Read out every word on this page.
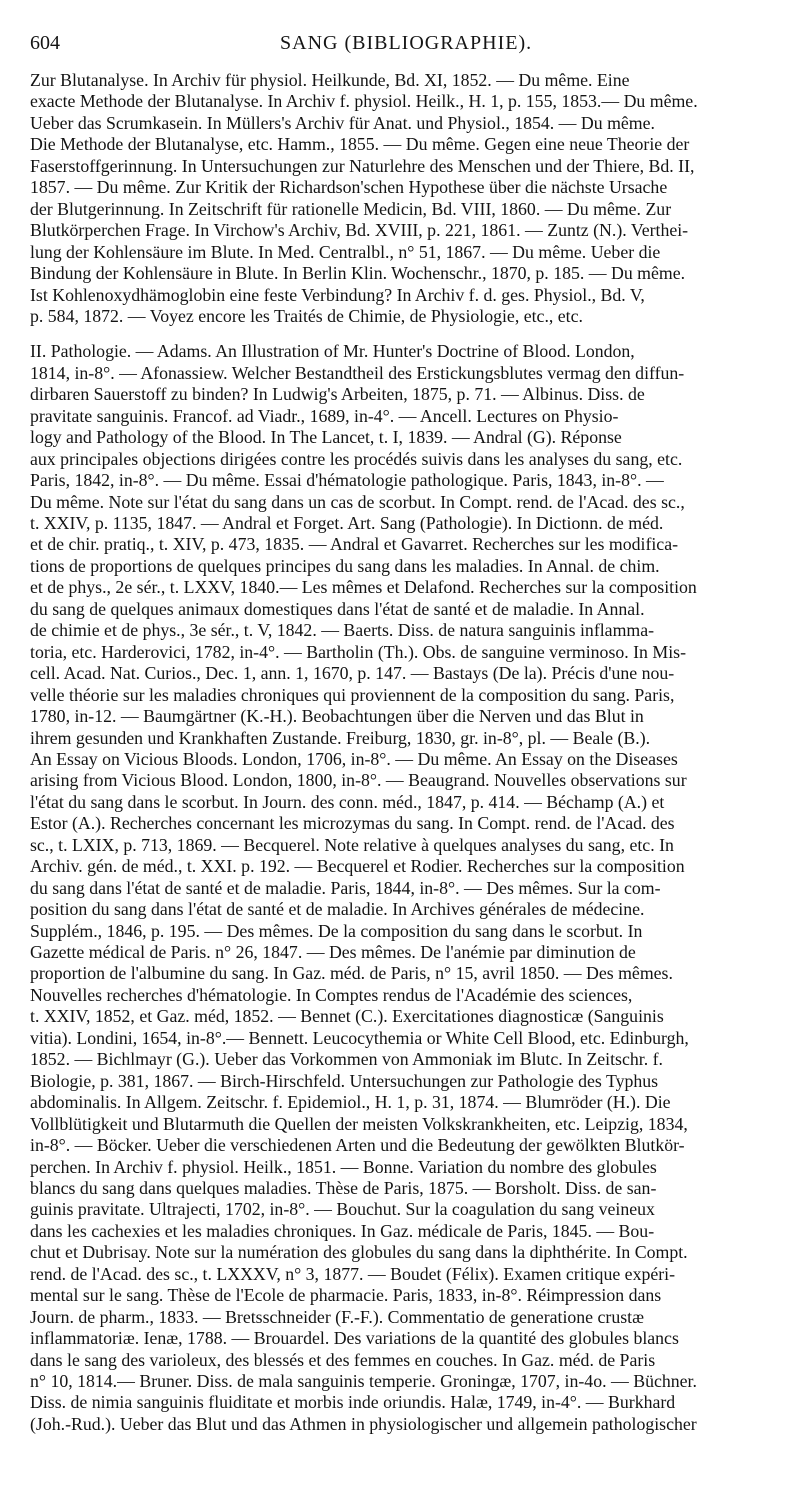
604	SANG (BIBLIOGRAPHIE).
Zur Blutanalyse. In Archiv für physiol. Heilkunde, Bd. XI, 1852. — Du même. Eine
exacte Methode der Blutanalyse. In Archiv f. physiol. Heilk., H. 1, p. 155, 1853.— Du même.
Ueber das Scrumkasein. In Müllers's Archiv für Anat. und Physiol., 1854. — Du même.
Die Methode der Blutanalyse, etc. Hamm., 1855. — Du même. Gegen eine neue Theorie der
Faserstoffgerinnung. In Untersuchungen zur Naturlehre des Menschen und der Thiere, Bd. II,
1857. — Du même. Zur Kritik der Richardson'schen Hypothese über die nächste Ursache
der Blutgerinnung. In Zeitschrift für rationelle Medicin, Bd. VIII, 1860. — Du même. Zur
Blutkörperchen Frage. In Virchow's Archiv, Bd. XVIII, p. 221, 1861. — Zuntz (N.). Verthei-
lung der Kohlensäure im Blute. In Med. Centralbl., n° 51, 1867. — Du même. Ueber die
Bindung der Kohlensäure in Blute. In Berlin Klin. Wochenschr., 1870, p. 185. — Du même.
Ist Kohlenoxydhämoglobin eine feste Verbindung? In Archiv f. d. ges. Physiol., Bd. V,
p. 584, 1872. — Voyez encore les Traités de Chimie, de Physiologie, etc., etc.
II. Pathologie. — Adams. An Illustration of Mr. Hunter's Doctrine of Blood. London,
1814, in-8°. — Afonassiew. Welcher Bestandtheil des Erstickungsblutes vermag den diffun-
dirbaren Sauerstoff zu binden? In Ludwig's Arbeiten, 1875, p. 71. — Albinus. Diss. de
pravitate sanguinis. Francof. ad Viadr., 1689, in-4°. — Ancell. Lectures on Physio-
logy and Pathology of the Blood. In The Lancet, t. I, 1839. — Andral (G). Réponse
aux principales objections dirigées contre les procédés suivis dans les analyses du sang, etc.
Paris, 1842, in-8°. — Du même. Essai d'hématologie pathologique. Paris, 1843, in-8°. —
Du même. Note sur l'état du sang dans un cas de scorbut. In Compt. rend. de l'Acad. des sc.,
t. XXIV, p. 1135, 1847. — Andral et Forget. Art. Sang (Pathologie). In Dictionn. de méd.
et de chir. pratiq., t. XIV, p. 473, 1835. — Andral et Gavarret. Recherches sur les modifica-
tions de proportions de quelques principes du sang dans les maladies. In Annal. de chim.
et de phys., 2e sér., t. LXXV, 1840.— Les mêmes et Delafond. Recherches sur la composition
du sang de quelques animaux domestiques dans l'état de santé et de maladie. In Annal.
de chimie et de phys., 3e sér., t. V, 1842. — Baerts. Diss. de natura sanguinis inflamma-
toria, etc. Harderovici, 1782, in-4°. — Bartholin (Th.). Obs. de sanguine verminoso. In Mis-
cell. Acad. Nat. Curios., Dec. 1, ann. 1, 1670, p. 147. — Bastays (De la). Précis d'une nou-
velle théorie sur les maladies chroniques qui proviennent de la composition du sang. Paris,
1780, in-12. — Baumgärtner (K.-H.). Beobachtungen über die Nerven und das Blut in
ihrem gesunden und Krankhaften Zustande. Freiburg, 1830, gr. in-8°, pl. — Beale (B.).
An Essay on Vicious Bloods. London, 1706, in-8°. — Du même. An Essay on the Diseases
arising from Vicious Blood. London, 1800, in-8°. — Beaugrand. Nouvelles observations sur
l'état du sang dans le scorbut. In Journ. des conn. méd., 1847, p. 414. — Béchamp (A.) et
Estor (A.). Recherches concernant les microzymas du sang. In Compt. rend. de l'Acad. des
sc., t. LXIX, p. 713, 1869. — Becquerel. Note relative à quelques analyses du sang, etc. In
Archiv. gén. de méd., t. XXI. p. 192. — Becquerel et Rodier. Recherches sur la composition
du sang dans l'état de santé et de maladie. Paris, 1844, in-8°. — Des mêmes. Sur la com-
position du sang dans l'état de santé et de maladie. In Archives générales de médecine.
Supplém., 1846, p. 195. — Des mêmes. De la composition du sang dans le scorbut. In
Gazette médical de Paris. n° 26, 1847. — Des mêmes. De l'anémie par diminution de
proportion de l'albumine du sang. In Gaz. méd. de Paris, n° 15, avril 1850. — Des mêmes.
Nouvelles recherches d'hématologie. In Comptes rendus de l'Académie des sciences,
t. XXIV, 1852, et Gaz. méd, 1852. — Bennet (C.). Exercitationes diagnosticæ (Sanguinis
vitia). Londini, 1654, in-8°.— Bennett. Leucocythemia or White Cell Blood, etc. Edinburgh,
1852. — Bichlmayr (G.). Ueber das Vorkommen von Ammoniak im Blutc. In Zeitschr. f.
Biologie, p. 381, 1867. — Birch-Hirschfeld. Untersuchungen zur Pathologie des Typhus
abdominalis. In Allgem. Zeitschr. f. Epidemiol., H. 1, p. 31, 1874. — Blumröder (H.). Die
Vollblütigkeit und Blutarmuth die Quellen der meisten Volkskrankheiten, etc. Leipzig, 1834,
in-8°. — Böcker. Ueber die verschiedenen Arten und die Bedeutung der gewölkten Blutkör-
perchen. In Archiv f. physiol. Heilk., 1851. — Bonne. Variation du nombre des globules
blancs du sang dans quelques maladies. Thèse de Paris, 1875. — Borsholt. Diss. de san-
guinis pravitate. Ultrajecti, 1702, in-8°. — Bouchut. Sur la coagulation du sang veineux
dans les cachexies et les maladies chroniques. In Gaz. médicale de Paris, 1845. — Bou-
chut et Dubrisay. Note sur la numération des globules du sang dans la diphthérite. In Compt.
rend. de l'Acad. des sc., t. LXXXV, n° 3, 1877. — Boudet (Félix). Examen critique expéri-
mental sur le sang. Thèse de l'Ecole de pharmacie. Paris, 1833, in-8°. Réimpression dans
Journ. de pharm., 1833. — Bretsschneider (F.-F.). Commentatio de generatione crustæ
inflammatoriæ. Ienæ, 1788. — Brouardel. Des variations de la quantité des globules blancs
dans le sang des varioleux, des blessés et des femmes en couches. In Gaz. méd. de Paris
n° 10, 1814.— Bruner. Diss. de mala sanguinis temperie. Groningæ, 1707, in-4o. — Büchner.
Diss. de nimia sanguinis fluiditate et morbis inde oriundis. Halæ, 1749, in-4°. — Burkhard
(Joh.-Rud.). Ueber das Blut und das Athmen in physiologischer und allgemein pathologischer
